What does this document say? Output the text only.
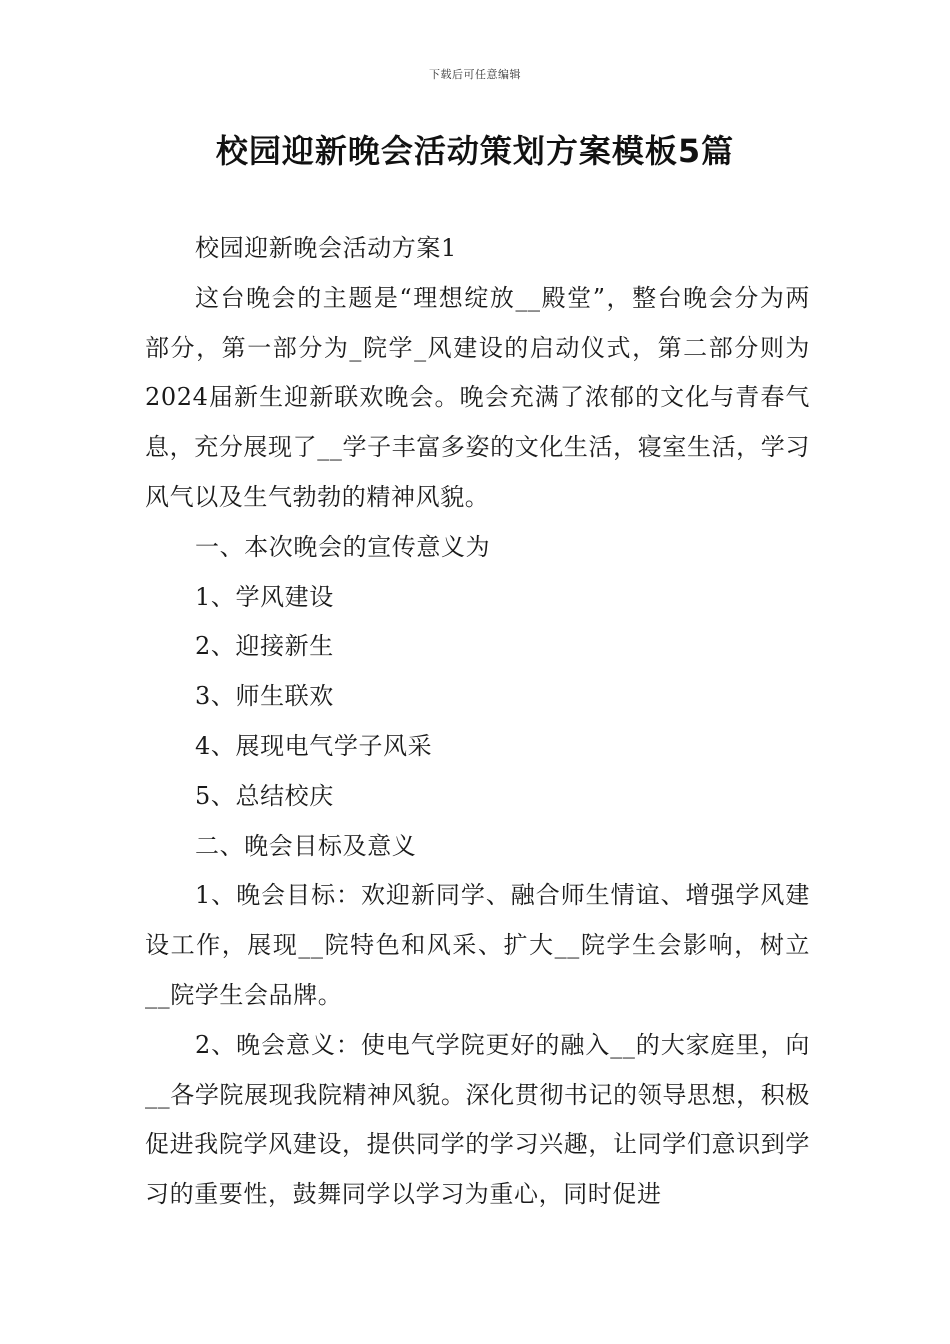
下载后可任意编辑
校园迎新晚会活动策划方案模板5篇

校园迎新晚会活动方案1

这台晚会的主题是“理想绽放__殿堂”，整台晚会分为两部分，第一部分为_院学_风建设的启动仪式，第二部分则为2024届新生迎新联欢晚会。晚会充满了浓郁的文化与青春气息，充分展现了__学子丰富多姿的文化生活，寝室生活，学习风气以及生气勃勃的精神风貌。

一、本次晚会的宣传意义为

1、学风建设

2、迎接新生

3、师生联欢

4、展现电气学子风采

5、总结校庆

二、晚会目标及意义

1、晚会目标：欢迎新同学、融合师生情谊、增强学风建设工作，展现__院特色和风采、扩大__院学生会影响，树立__院学生会品牌。

2、晚会意义：使电气学院更好的融入__的大家庭里，向__各学院展现我院精神风貌。深化贯彻书记的领导思想，积极促进我院学风建设，提供同学的学习兴趣，让同学们意识到学习的重要性，鼓舞同学以学习为重心，同时促进
